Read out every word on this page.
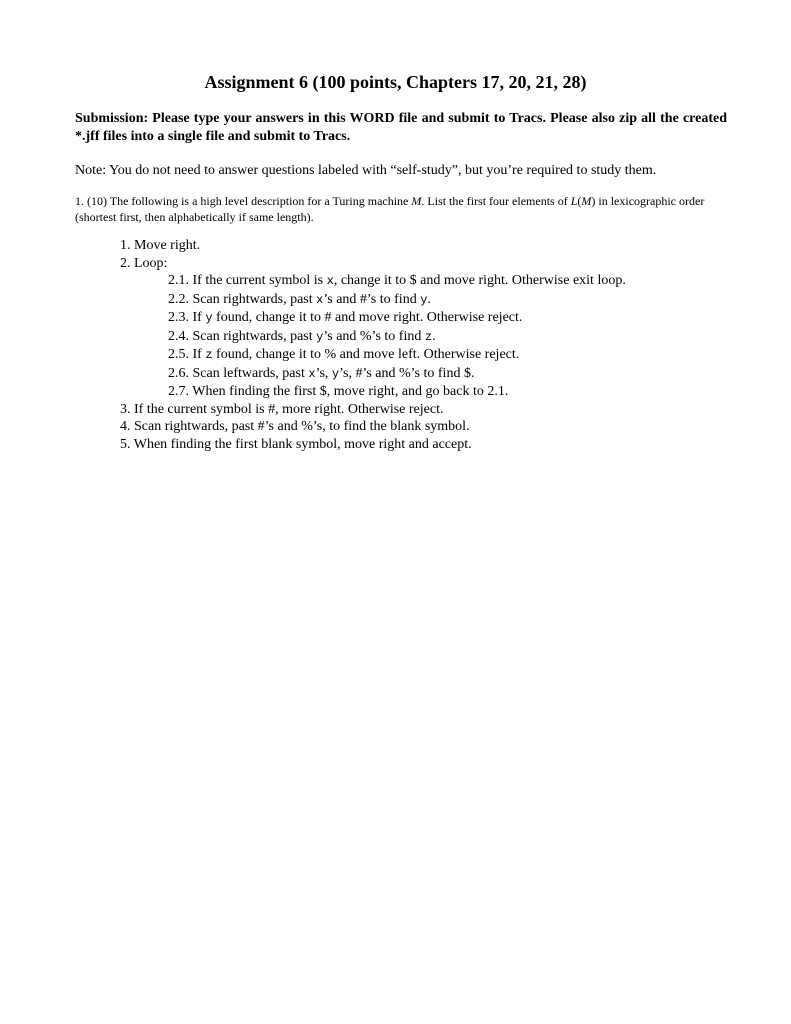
Assignment 6 (100 points, Chapters 17, 20, 21, 28)

Submission: Please type your answers in this WORD file and submit to Tracs. Please also zip all the created *.jff files into a single file and submit to Tracs.

Note: You do not need to answer questions labeled with “self-study”, but you’re required to study them.

1. (10) The following is a high level description for a Turing machine M. List the first four elements of L(M) in lexicographic order (shortest first, then alphabetically if same length).

1. Move right.
2. Loop:
2.1. If the current symbol is x, change it to $ and move right. Otherwise exit loop.
2.2. Scan rightwards, past x’s and #’s to find y.
2.3. If y found, change it to # and move right. Otherwise reject.
2.4. Scan rightwards, past y’s and %’s to find z.
2.5. If z found, change it to % and move left. Otherwise reject.
2.6. Scan leftwards, past x’s, y’s, #’s and %’s to find $.
2.7. When finding the first $, move right, and go back to 2.1.
3. If the current symbol is #, more right. Otherwise reject.
4. Scan rightwards, past #’s and %’s, to find the blank symbol.
5. When finding the first blank symbol, move right and accept.
